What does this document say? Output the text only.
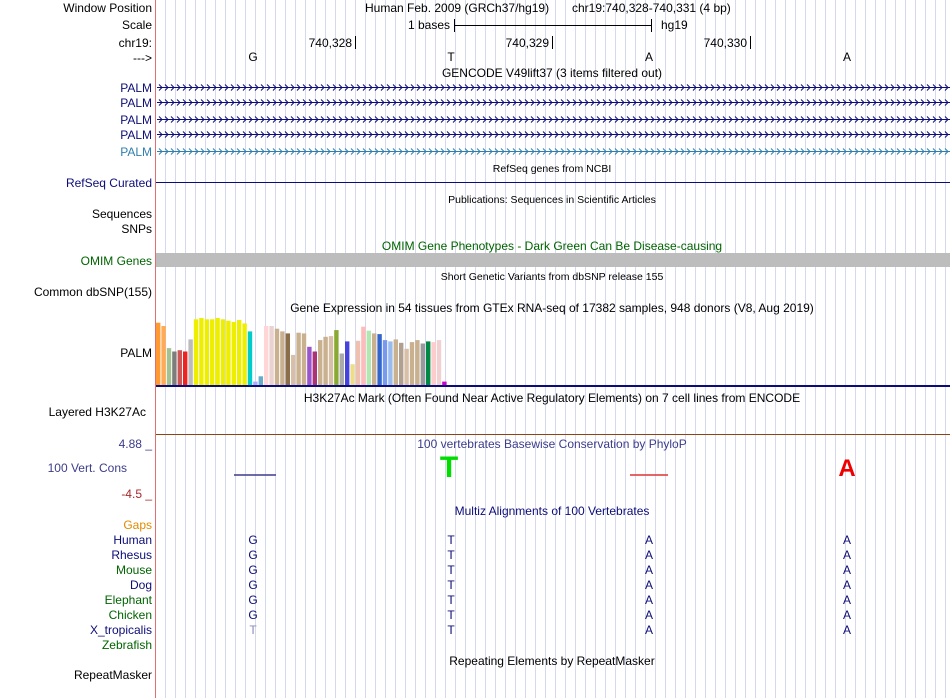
Window Position
Scale
chr19:
--->
Human Feb. 2009 (GRCh37/hg19) chr19:740,328-740,331 (4 bp)
1 bases	hg19
740,328	740,329	740,330
G	T	A	A
GENCODE V49lift37 (3 items filtered out)
PALM
PALM
PALM
PALM
PALM
RefSeq genes from NCBI
RefSeq Curated
Publications: Sequences in Scientific Articles
Sequences
SNPs
OMIM Gene Phenotypes - Dark Green Can Be Disease-causing
OMIM Genes
Short Genetic Variants from dbSNP release 155
Common dbSNP(155)
Gene Expression in 54 tissues from GTEx RNA-seq of 17382 samples, 948 donors (V8, Aug 2019)
PALM
H3K27Ac Mark (Often Found Near Active Regulatory Elements) on 7 cell lines from ENCODE
Layered H3K27Ac
4.88 _	100 vertebrates Basewise Conservation by PhyloP
100 Vert. Cons
-4.5 _
T	A
Multiz Alignments of 100 Vertebrates
Gaps
Human	G	T	A	A
Rhesus	G	T	A	A
Mouse	G	T	A	A
Dog	G	T	A	A
Elephant	G	T	A	A
Chicken	G	T	A	A
X_tropicalis	T	T	A	A
Zebrafish
Repeating Elements by RepeatMasker
RepeatMasker
